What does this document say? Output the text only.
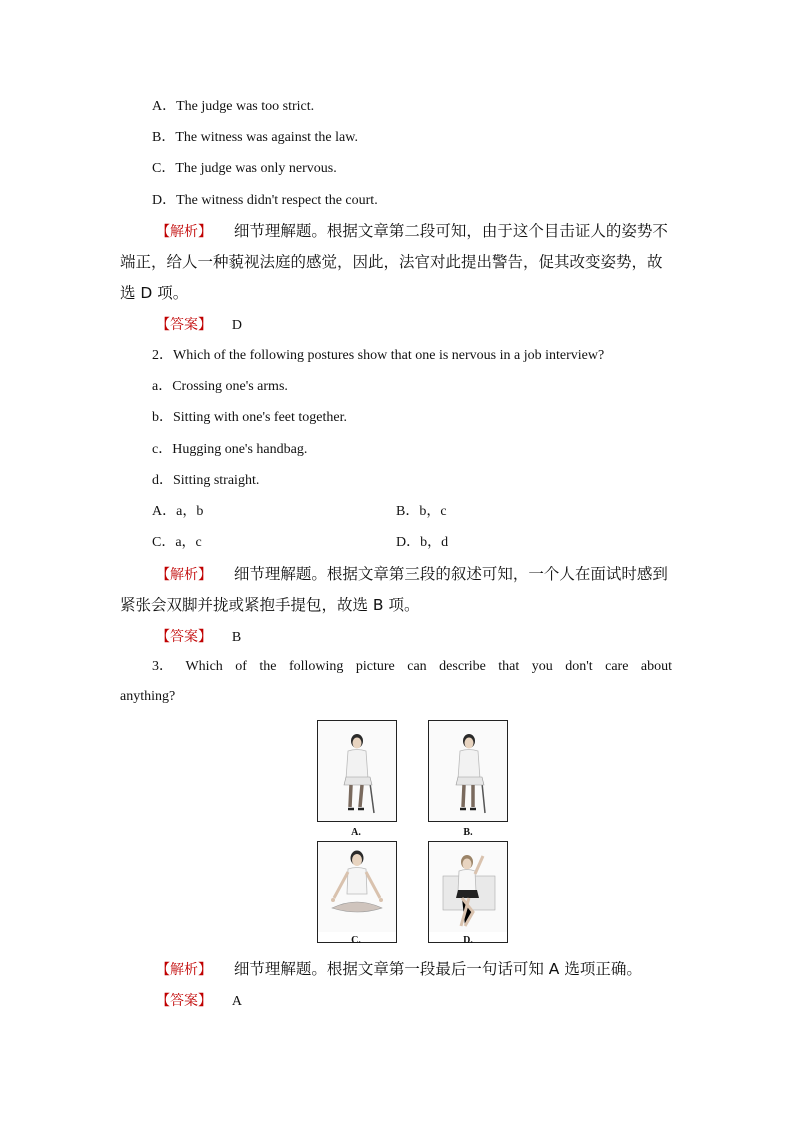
A．The judge was too strict.
B．The witness was against the law.
C．The judge was only nervous.
D．The witness didn't respect the court.
【解析】 细节理解题。根据文章第二段可知，由于这个目击证人的姿势不
端正，给人一种藐视法庭的感觉，因此，法官对此提出警告，促其改变姿势，故
选 D 项。
【答案】 D
2．Which of the following postures show that one is nervous in a job interview?
a．Crossing one's arms.
b．Sitting with one's feet together.
c．Hugging one's handbag.
d．Sitting straight.
A．a，b	B．b，c
C．a，c	D．b，d
【解析】 细节理解题。根据文章第三段的叙述可知，一个人在面试时感到
紧张会双脚并拢或紧抱手提包，故选 B 项。
【答案】 B
3． Which of the following picture can describe that you don't care about
anything?
A.	B.
C.	D.
【解析】 细节理解题。根据文章第一段最后一句话可知 A 选项正确。
【答案】 A
